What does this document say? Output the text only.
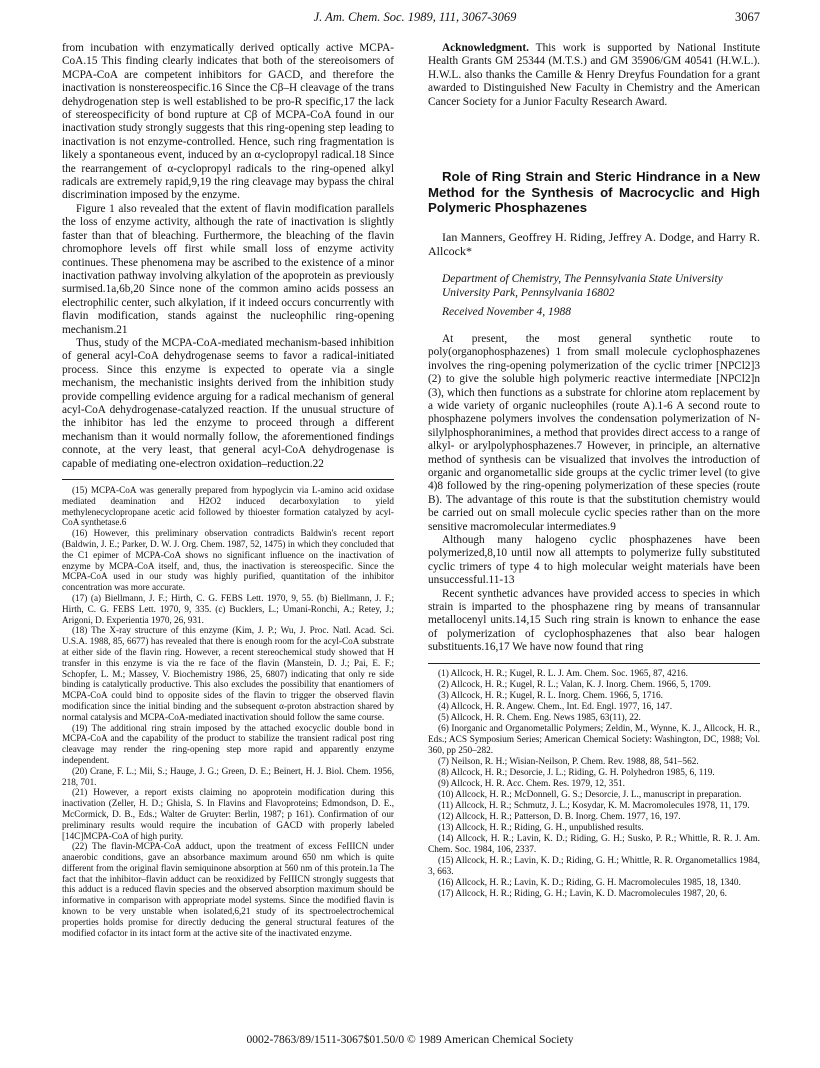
J. Am. Chem. Soc. 1989, 111, 3067-3069	3067

from incubation with enzymatically derived optically active MCPA-CoA.15 This finding clearly indicates that both of the stereoisomers of MCPA-CoA are competent inhibitors for GACD, and therefore the inactivation is nonstereospecific.16 Since the Cβ–H cleavage of the trans dehydrogenation step is well established to be pro-R specific,17 the lack of stereospecificity of bond rupture at Cβ of MCPA-CoA found in our inactivation study strongly suggests that this ring-opening step leading to inactivation is not enzyme-controlled. Hence, such ring fragmentation is likely a spontaneous event, induced by an α-cyclopropyl radical.18 Since the rearrangement of α-cyclopropyl radicals to the ring-opened alkyl radicals are extremely rapid,9,19 the ring cleavage may bypass the chiral discrimination imposed by the enzyme.

Figure 1 also revealed that the extent of flavin modification parallels the loss of enzyme activity, although the rate of inactivation is slightly faster than that of bleaching. Furthermore, the bleaching of the flavin chromophore levels off first while small loss of enzyme activity continues. These phenomena may be ascribed to the existence of a minor inactivation pathway involving alkylation of the apoprotein as previously surmised.1a,6b,20 Since none of the common amino acids possess an electrophilic center, such alkylation, if it indeed occurs concurrently with flavin modification, stands against the nucleophilic ring-opening mechanism.21

Thus, study of the MCPA-CoA-mediated mechanism-based inhibition of general acyl-CoA dehydrogenase seems to favor a radical-initiated process. Since this enzyme is expected to operate via a single mechanism, the mechanistic insights derived from the inhibition study provide compelling evidence arguing for a radical mechanism of general acyl-CoA dehydrogenase-catalyzed reaction. If the unusual structure of the inhibitor has led the enzyme to proceed through a different mechanism than it would normally follow, the aforementioned findings connote, at the very least, that general acyl-CoA dehydrogenase is capable of mediating one-electron oxidation–reduction.22

(15) MCPA-CoA was generally prepared from hypoglycin via L-amino acid oxidase mediated deamination and H2O2 induced decarboxylation to yield methylenecyclopropane acetic acid followed by thioester formation catalyzed by acyl-CoA synthetase.6

(16) However, this preliminary observation contradicts Baldwin's recent report (Baldwin, J. E.; Parker, D. W. J. Org. Chem. 1987, 52, 1475) in which they concluded that the C1 epimer of MCPA-CoA shows no significant influence on the inactivation of enzyme by MCPA-CoA itself, and, thus, the inactivation is stereospecific. Since the MCPA-CoA used in our study was highly purified, quantitation of the inhibitor concentration was more accurate.

(17) (a) Biellmann, J. F.; Hirth, C. G. FEBS Lett. 1970, 9, 55. (b) Biellmann, J. F.; Hirth, C. G. FEBS Lett. 1970, 9, 335. (c) Bucklers, L.; Umani-Ronchi, A.; Retey, J.; Arigoni, D. Experientia 1970, 26, 931.

(18) The X-ray structure of this enzyme (Kim, J. P.; Wu, J. Proc. Natl. Acad. Sci. U.S.A. 1988, 85, 6677) has revealed that there is enough room for the acyl-CoA substrate at either side of the flavin ring. However, a recent stereochemical study showed that H transfer in this enzyme is via the re face of the flavin (Manstein, D. J.; Pai, E. F.; Schopfer, L. M.; Massey, V. Biochemistry 1986, 25, 6807) indicating that only re side binding is catalytically productive. This also excludes the possibility that enantiomers of MCPA-CoA could bind to opposite sides of the flavin to trigger the observed flavin modification since the initial binding and the subsequent α-proton abstraction shared by normal catalysis and MCPA-CoA-mediated inactivation should follow the same course.

(19) The additional ring strain imposed by the attached exocyclic double bond in MCPA-CoA and the capability of the product to stabilize the transient radical post ring cleavage may render the ring-opening step more rapid and apparently enzyme independent.

(20) Crane, F. L.; Mii, S.; Hauge, J. G.; Green, D. E.; Beinert, H. J. Biol. Chem. 1956, 218, 701.

(21) However, a report exists claiming no apoprotein modification during this inactivation (Zeller, H. D.; Ghisla, S. In Flavins and Flavoproteins; Edmondson, D. E., McCormick, D. B., Eds.; Walter de Gruyter: Berlin, 1987; p 161). Confirmation of our preliminary results would require the incubation of GACD with properly labeled [14C]MCPA-CoA of high purity.

(22) The flavin-MCPA-CoA adduct, upon the treatment of excess FeIIICN under anaerobic conditions, gave an absorbance maximum around 650 nm which is quite different from the original flavin semiquinone absorption at 560 nm of this protein.1a The fact that the inhibitor–flavin adduct can be reoxidized by FeIIICN strongly suggests that this adduct is a reduced flavin species and the observed absorption maximum should be informative in comparison with appropriate model systems. Since the modified flavin is known to be very unstable when isolated,6,21 study of its spectroelectrochemical properties holds promise for directly deducing the general structural features of the modified cofactor in its intact form at the active site of the inactivated enzyme.

Acknowledgment. This work is supported by National Institute Health Grants GM 25344 (M.T.S.) and GM 35906/GM 40541 (H.W.L.). H.W.L. also thanks the Camille & Henry Dreyfus Foundation for a grant awarded to Distinguished New Faculty in Chemistry and the American Cancer Society for a Junior Faculty Research Award.

Role of Ring Strain and Steric Hindrance in a New Method for the Synthesis of Macrocyclic and High Polymeric Phosphazenes

Ian Manners, Geoffrey H. Riding, Jeffrey A. Dodge, and Harry R. Allcock*

Department of Chemistry, The Pennsylvania State University

University Park, Pennsylvania 16802

Received November 4, 1988

At present, the most general synthetic route to poly(organophosphazenes) 1 from small molecule cyclophosphazenes involves the ring-opening polymerization of the cyclic trimer [NPCl2]3 (2) to give the soluble high polymeric reactive intermediate [NPCl2]n (3), which then functions as a substrate for chlorine atom replacement by a wide variety of organic nucleophiles (route A).1-6 A second route to phosphazene polymers involves the condensation polymerization of N-silylphosphoranimines, a method that provides direct access to a range of alkyl- or arylpolyphosphazenes.7 However, in principle, an alternative method of synthesis can be visualized that involves the introduction of organic and organometallic side groups at the cyclic trimer level (to give 4)8 followed by the ring-opening polymerization of these species (route B). The advantage of this route is that the substitution chemistry would be carried out on small molecule cyclic species rather than on the more sensitive macromolecular intermediates.9

Although many halogeno cyclic phosphazenes have been polymerized,8,10 until now all attempts to polymerize fully substituted cyclic trimers of type 4 to high molecular weight materials have been unsuccessful.11-13

Recent synthetic advances have provided access to species in which strain is imparted to the phosphazene ring by means of transannular metallocenyl units.14,15 Such ring strain is known to enhance the ease of polymerization of cyclophosphazenes that also bear halogen substituents.16,17 We have now found that ring

(1) Allcock, H. R.; Kugel, R. L. J. Am. Chem. Soc. 1965, 87, 4216.

(2) Allcock, H. R.; Kugel, R. L.; Valan, K. J. Inorg. Chem. 1966, 5, 1709.

(3) Allcock, H. R.; Kugel, R. L. Inorg. Chem. 1966, 5, 1716.

(4) Allcock, H. R. Angew. Chem., Int. Ed. Engl. 1977, 16, 147.

(5) Allcock, H. R. Chem. Eng. News 1985, 63(11), 22.

(6) Inorganic and Organometallic Polymers; Zeldin, M., Wynne, K. J., Allcock, H. R., Eds.; ACS Symposium Series; American Chemical Society: Washington, DC, 1988; Vol. 360, pp 250–282.

(7) Neilson, R. H.; Wisian-Neilson, P. Chem. Rev. 1988, 88, 541–562.

(8) Allcock, H. R.; Desorcie, J. L.; Riding, G. H. Polyhedron 1985, 6, 119.

(9) Allcock, H. R. Acc. Chem. Res. 1979, 12, 351.

(10) Allcock, H. R.; McDonnell, G. S.; Desorcie, J. L., manuscript in preparation.

(11) Allcock, H. R.; Schmutz, J. L.; Kosydar, K. M. Macromolecules 1978, 11, 179.

(12) Allcock, H. R.; Patterson, D. B. Inorg. Chem. 1977, 16, 197.

(13) Allcock, H. R.; Riding, G. H., unpublished results.

(14) Allcock, H. R.; Lavin, K. D.; Riding, G. H.; Susko, P. R.; Whittle, R. R. J. Am. Chem. Soc. 1984, 106, 2337.

(15) Allcock, H. R.; Lavin, K. D.; Riding, G. H.; Whittle, R. R. Organometallics 1984, 3, 663.

(16) Allcock, H. R.; Lavin, K. D.; Riding, G. H. Macromolecules 1985, 18, 1340.

(17) Allcock, H. R.; Riding, G. H.; Lavin, K. D. Macromolecules 1987, 20, 6.

0002-7863/89/1511-3067$01.50/0 © 1989 American Chemical Society
